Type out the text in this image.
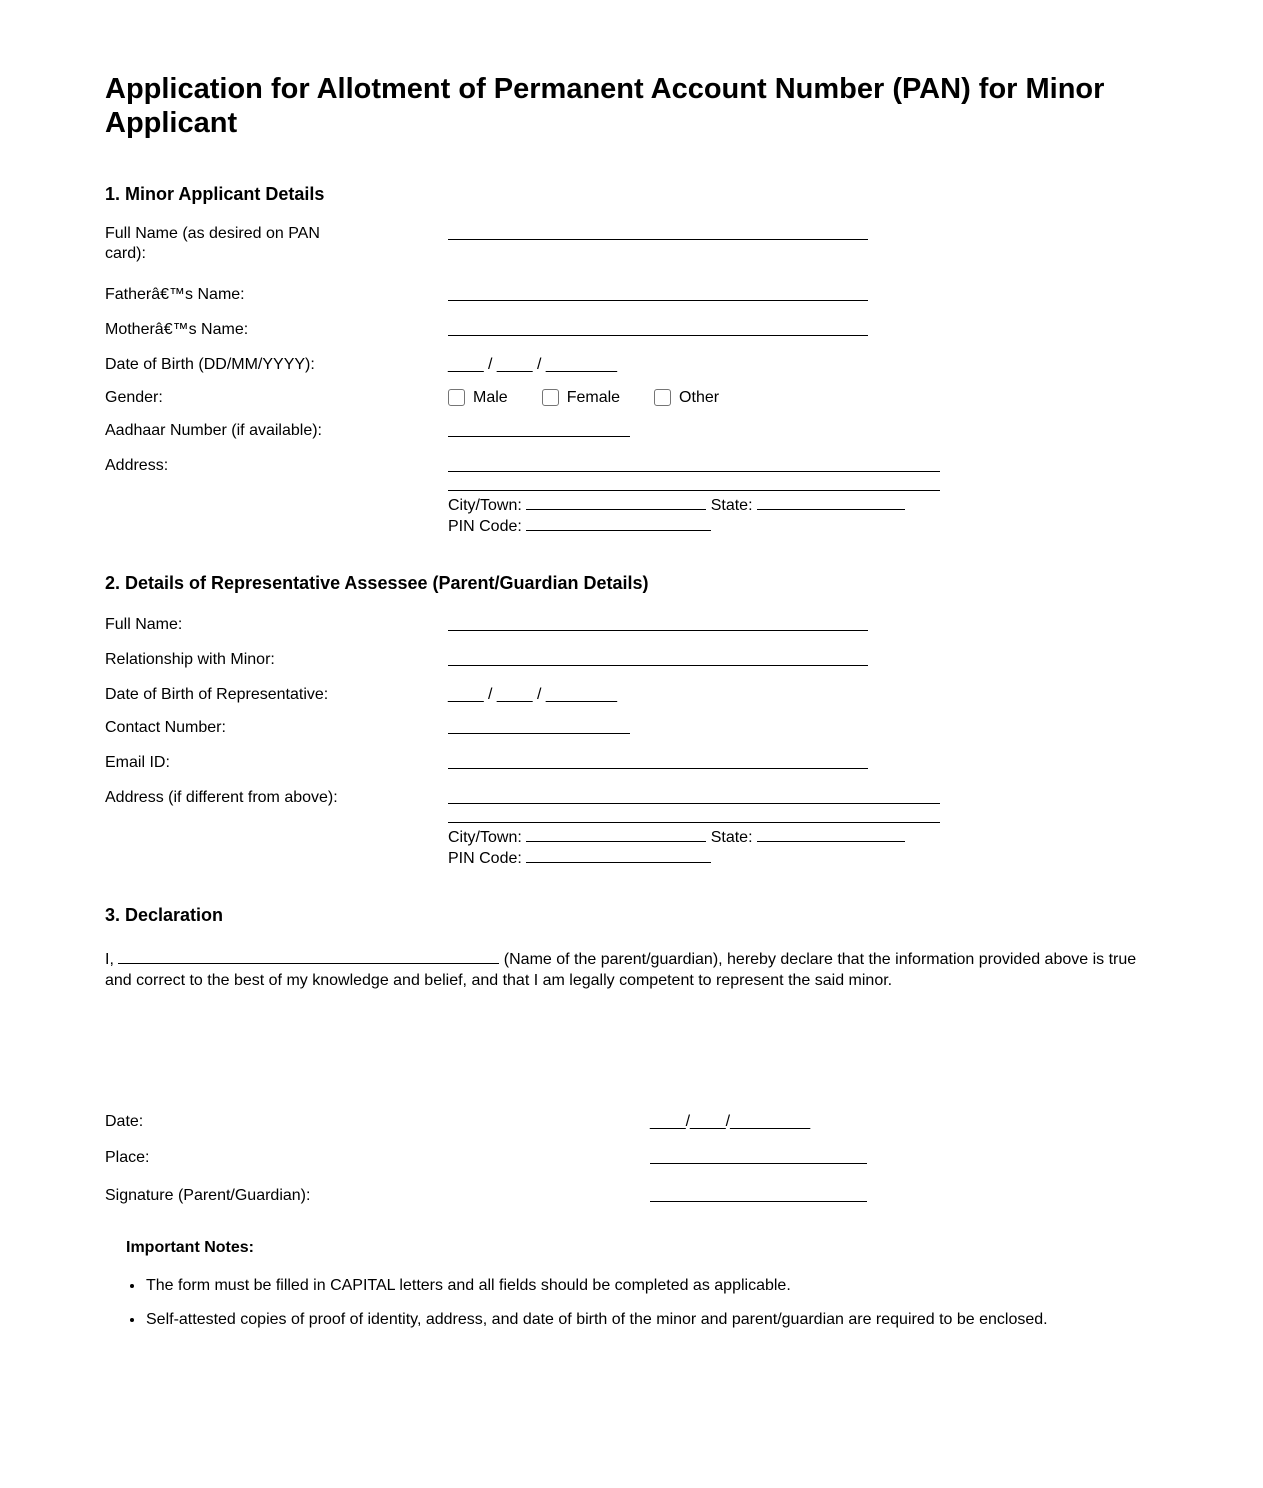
Application for Allotment of Permanent Account Number (PAN) for Minor Applicant
1. Minor Applicant Details
Full Name (as desired on PAN card):
Fatherâ€™s Name:
Motherâ€™s Name:
Date of Birth (DD/MM/YYYY):	____ / ____ / ________
Gender:	Male	Female	Other
Aadhaar Number (if available):
Address:
City/Town:	State:
PIN Code:
2. Details of Representative Assessee (Parent/Guardian Details)
Full Name:
Relationship with Minor:
Date of Birth of Representative:	____ / ____ / ________
Contact Number:
Email ID:
Address (if different from above):
City/Town:	State:
PIN Code:
3. Declaration

I,	(Name of the parent/guardian), hereby declare that the information provided above is true and correct to the best of my knowledge and belief, and that I am legally competent to represent the said minor.

Date:	____/____/_________
Place:
Signature (Parent/Guardian):
Important Notes:
• The form must be filled in CAPITAL letters and all fields should be completed as applicable.
• Self-attested copies of proof of identity, address, and date of birth of the minor and parent/guardian are required to be enclosed.
